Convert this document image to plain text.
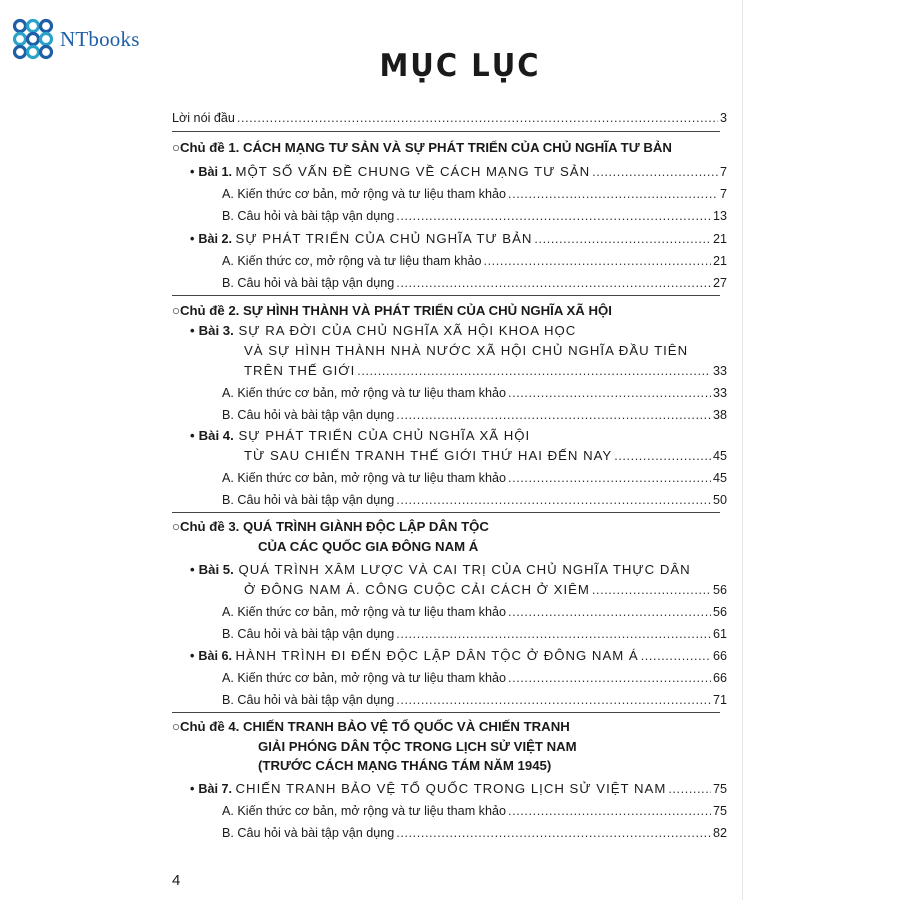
NTbooks
MỤC LỤC
Lời nói đầu .....	3
○Chủ đề 1. CÁCH MẠNG TƯ SẢN VÀ SỰ PHÁT TRIỂN CỦA CHỦ NGHĨA TƯ BẢN
• Bài 1. MỘT SỐ VẤN ĐỀ CHUNG VỀ CÁCH MẠNG TƯ SẢN .....	7
A. Kiến thức cơ bản, mở rộng và tư liệu tham khảo .....	7
B. Câu hỏi và bài tập vận dụng .....	13
• Bài 2. SỰ PHÁT TRIỂN CỦA CHỦ NGHĨA TƯ BẢN .....	21
A. Kiến thức cơ, mở rộng và tư liệu tham khảo .....	21
B. Câu hỏi và bài tập vận dụng .....	27
○Chủ đề 2. SỰ HÌNH THÀNH VÀ PHÁT TRIỂN CỦA CHỦ NGHĨA XÃ HỘI
• Bài 3. SỰ RA ĐỜI CỦA CHỦ NGHĨA XÃ HỘI KHOA HỌC
VÀ SỰ HÌNH THÀNH NHÀ NƯỚC XÃ HỘI CHỦ NGHĨA ĐẦU TIÊN
TRÊN THẾ GIỚI .....	33
A. Kiến thức cơ bản, mở rộng và tư liệu tham khảo .....	33
B. Câu hỏi và bài tập vận dụng .....	38
• Bài 4. SỰ PHÁT TRIỂN CỦA CHỦ NGHĨA XÃ HỘI
TỪ SAU CHIẾN TRANH THẾ GIỚI THỨ HAI ĐẾN NAY .....	45
A. Kiến thức cơ bản, mở rộng và tư liệu tham khảo .....	45
B. Câu hỏi và bài tập vận dụng .....	50
○Chủ đề 3. QUÁ TRÌNH GIÀNH ĐỘC LẬP DÂN TỘC
CỦA CÁC QUỐC GIA ĐÔNG NAM Á
• Bài 5. QUÁ TRÌNH XÂM LƯỢC VÀ CAI TRỊ CỦA CHỦ NGHĨA THỰC DÂN
Ở ĐÔNG NAM Á. CÔNG CUỘC CẢI CÁCH Ở XIÊM .....	56
A. Kiến thức cơ bản, mở rộng và tư liệu tham khảo .....	56
B. Câu hỏi và bài tập vận dụng .....	61
• Bài 6. HÀNH TRÌNH ĐI ĐẾN ĐỘC LẬP DÂN TỘC Ở ĐÔNG NAM Á .....	66
A. Kiến thức cơ bản, mở rộng và tư liệu tham khảo .....	66
B. Câu hỏi và bài tập vận dụng .....	71
○Chủ đề 4. CHIẾN TRANH BẢO VỆ TỔ QUỐC VÀ CHIẾN TRANH
GIẢI PHÓNG DÂN TỘC TRONG LỊCH SỬ VIỆT NAM
(TRƯỚC CÁCH MẠNG THÁNG TÁM NĂM 1945)
• Bài 7. CHIẾN TRANH BẢO VỆ TỔ QUỐC TRONG LỊCH SỬ VIỆT NAM .....	75
A. Kiến thức cơ bản, mở rộng và tư liệu tham khảo .....	75
B. Câu hỏi và bài tập vận dụng .....	82
4
